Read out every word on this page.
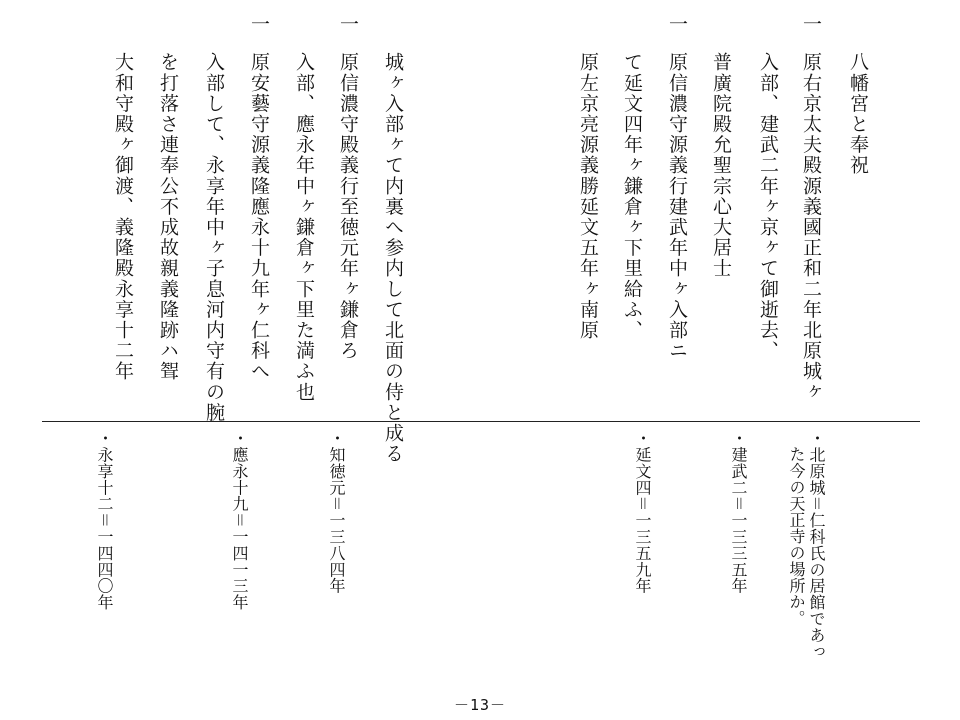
八幡宮と奉祝
原右京太夫殿源義國正和二年北原城ヶ
入部、建武二年ヶ京ヶて御逝去、
普廣院殿允聖宗心大居士
原信濃守源義行建武年中ヶ入部ニ
て延文四年ヶ鎌倉ヶ下里給ふ、
原左京亮源義勝延文五年ヶ南原
城ヶ入部ヶて内裏へ参内して北面の侍と成る
原信濃守殿義行至徳元年ヶ鎌倉ろ
入部、應永年中ヶ鎌倉ヶ下里た満ふ也
原安藝守源義隆應永十九年ヶ仁科へ
入部して、永享年中ヶ子息河内守有の腕
を打落さ連奉公不成故親義隆跡ハ聟
大和守殿ヶ御渡、義隆殿永享十二年
一
一
一
一
・北原城＝仁科氏の居館であっ
た今の天正寺の場所か。
・建武二＝一三三五年
・延文四＝一三五九年
・知徳元＝一三八四年
・應永十九＝一四一三年
・永享十二＝一四四〇年
－13－
